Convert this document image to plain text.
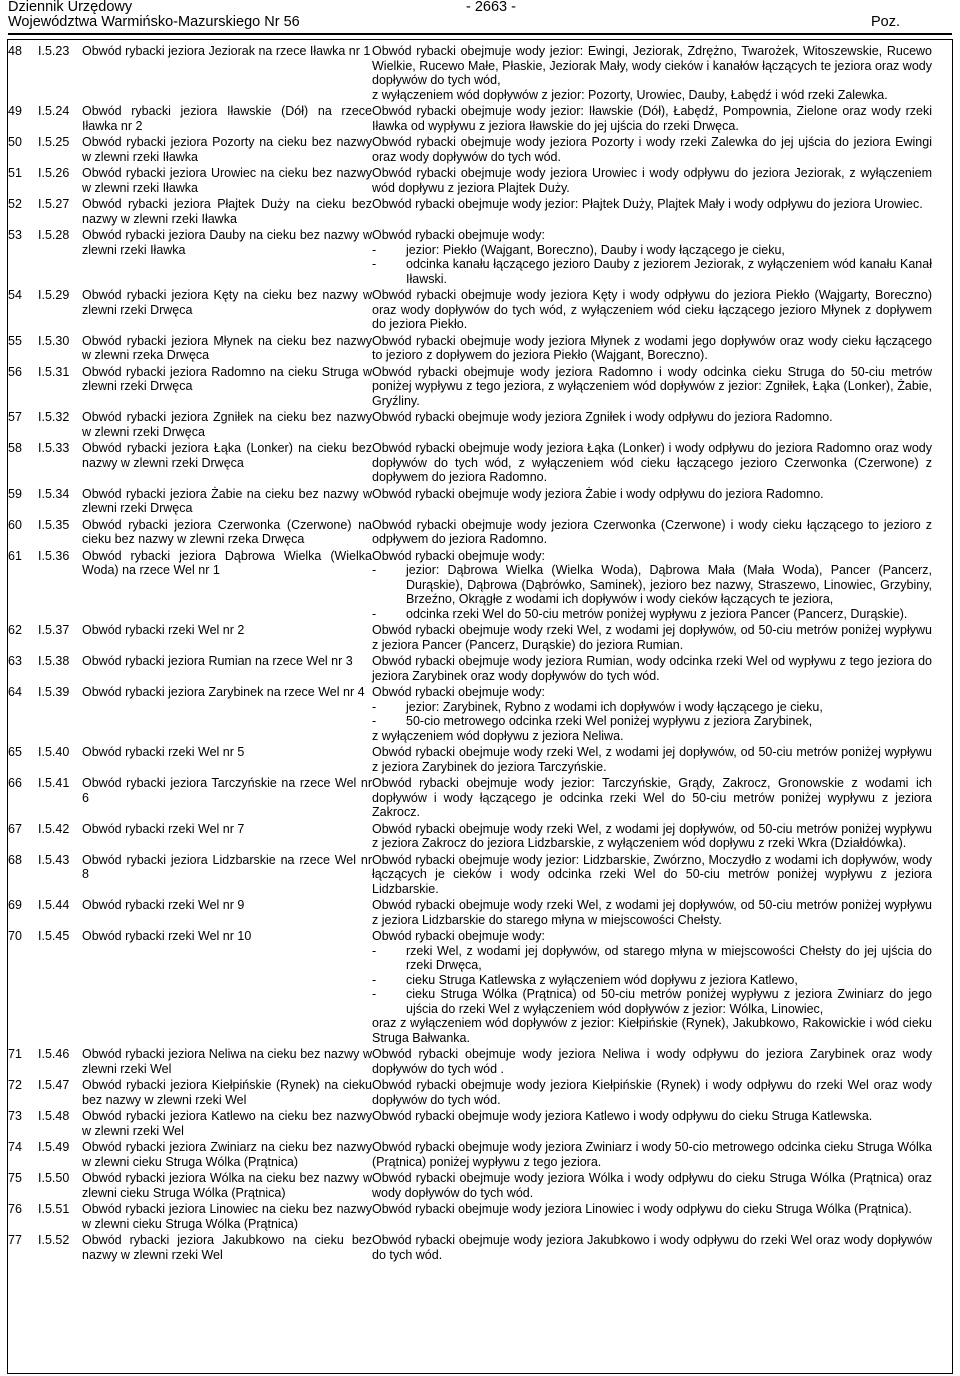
Dziennik Urzędowy	- 2663 -
Województwa Warmińsko-Mazurskiego Nr 56	Poz.
48	I.5.23	Obwód rybacki jeziora Jeziorak na rzece Iławka nr 1	Obwód rybacki obejmuje wody jezior: Ewingi, Jeziorak, Zdrężno, Twarożek, Witoszewskie, Rucewo Wielkie, Rucewo Małe, Płaskie, Jeziorak Mały, wody cieków i kanałów łączących te jeziora oraz wody dopływów do tych wód,
z wyłączeniem wód dopływów z jezior: Pozorty, Urowiec, Dauby, Łabędź i wód rzeki Zalewka.

49	I.5.24	Obwód rybacki jeziora Iławskie (Dół) na rzece Iławka nr 2	Obwód rybacki obejmuje wody jezior: Iławskie (Dół), Łabędź, Pompownia, Zielone oraz wody rzeki Iławka od wypływu z jeziora Iławskie do jej ujścia do rzeki Drwęca.

50	I.5.25	Obwód rybacki jeziora Pozorty na cieku bez nazwy w zlewni rzeki Iławka	Obwód rybacki obejmuje wody jeziora Pozorty i wody rzeki Zalewka do jej ujścia do jeziora Ewingi oraz wody dopływów do tych wód.

51	I.5.26	Obwód rybacki jeziora Urowiec na cieku bez nazwy w zlewni rzeki Iławka	Obwód rybacki obejmuje wody jeziora Urowiec i wody odpływu do jeziora Jeziorak, z wyłączeniem wód dopływu z jeziora Plajtek Duży.

52	I.5.27	Obwód rybacki jeziora Płajtek Duży na cieku bez nazwy w zlewni rzeki Iławka	Obwód rybacki obejmuje wody jezior: Płajtek Duży, Plajtek Mały i wody odpływu do jeziora Urowiec.

53	I.5.28	Obwód rybacki jeziora Dauby na cieku bez nazwy w zlewni rzeki Iławka	Obwód rybacki obejmuje wody:
- jezior: Piekło (Wajgant, Boreczno), Dauby i wody łączącego je cieku,
- odcinka kanału łączącego jezioro Dauby z jeziorem Jeziorak, z wyłączeniem wód kanału Kanał Iławski.

54	I.5.29	Obwód rybacki jeziora Kęty na cieku bez nazwy w zlewni rzeki Drwęca	Obwód rybacki obejmuje wody jeziora Kęty i wody odpływu do jeziora Piekło (Wajgarty, Boreczno) oraz wody dopływów do tych wód, z wyłączeniem wód cieku łączącego jezioro Młynek z dopływem do jeziora Piekło.

55	I.5.30	Obwód rybacki jeziora Młynek na cieku bez nazwy w zlewni rzeka Drwęca	Obwód rybacki obejmuje wody jeziora Młynek z wodami jego dopływów oraz wody cieku łączącego to jezioro z dopływem do jeziora Piekło (Wajgant, Boreczno).

56	I.5.31	Obwód rybacki jeziora Radomno na cieku Struga w zlewni rzeki Drwęca	Obwód rybacki obejmuje wody jeziora Radomno i wody odcinka cieku Struga do 50-ciu metrów poniżej wypływu z tego jeziora, z wyłączeniem wód dopływów z jezior: Zgniłek, Łąka (Lonker), Żabie, Gryźliny.

57	I.5.32	Obwód rybacki jeziora Zgniłek na cieku bez nazwy w zlewni rzeki Drwęca	Obwód rybacki obejmuje wody jeziora Zgniłek i wody odpływu do jeziora Radomno.

58	I.5.33	Obwód rybacki jeziora Łąka (Lonker) na cieku bez nazwy w zlewni rzeki Drwęca	Obwód rybacki obejmuje wody jeziora Łąka (Lonker) i wody odpływu do jeziora Radomno oraz wody dopływów do tych wód, z wyłączeniem wód cieku łączącego jezioro Czerwonka (Czerwone) z dopływem do jeziora Radomno.

59	I.5.34	Obwód rybacki jeziora Żabie na cieku bez nazwy w zlewni rzeki Drwęca	Obwód rybacki obejmuje wody jeziora Żabie i wody odpływu do jeziora Radomno.

60	I.5.35	Obwód rybacki jeziora Czerwonka (Czerwone) na cieku bez nazwy w zlewni rzeka Drwęca	Obwód rybacki obejmuje wody jeziora Czerwonka (Czerwone) i wody cieku łączącego to jezioro z odpływem do jeziora Radomno.

61	I.5.36	Obwód rybacki jeziora Dąbrowa Wielka (Wielka Woda) na rzece Wel nr 1	Obwód rybacki obejmuje wody:
- jezior: Dąbrowa Wielka (Wielka Woda), Dąbrowa Mała (Mała Woda), Pancer (Pancerz, Durąskie), Dąbrowa (Dąbrówko, Saminek), jezioro bez nazwy, Straszewo, Linowiec, Grzybiny, Brzeźno, Okrągłe z wodami ich dopływów i wody cieków łączących te jeziora,
- odcinka rzeki Wel do 50-ciu metrów poniżej wypływu z jeziora Pancer (Pancerz, Durąskie).

62	I.5.37	Obwód rybacki rzeki Wel nr 2	Obwód rybacki obejmuje wody rzeki Wel, z wodami jej dopływów, od 50-ciu metrów poniżej wypływu z jeziora Pancer (Pancerz, Durąskie) do jeziora Rumian.

63	I.5.38	Obwód rybacki jeziora Rumian na rzece Wel nr 3	Obwód rybacki obejmuje wody jeziora Rumian, wody odcinka rzeki Wel od wypływu z tego jeziora do jeziora Zarybinek oraz wody dopływów do tych wód.

64	I.5.39	Obwód rybacki jeziora Zarybinek na rzece Wel nr 4	Obwód rybacki obejmuje wody:
- jezior: Zarybinek, Rybno z wodami ich dopływów i wody łączącego je cieku,
- 50-cio metrowego odcinka rzeki Wel poniżej wypływu z jeziora Zarybinek,
z wyłączeniem wód dopływu z jeziora Neliwa.

65	I.5.40	Obwód rybacki rzeki Wel nr 5	Obwód rybacki obejmuje wody rzeki Wel, z wodami jej dopływów, od 50-ciu metrów poniżej wypływu z jeziora Zarybinek do jeziora Tarczyńskie.

66	I.5.41	Obwód rybacki jeziora Tarczyńskie na rzece Wel nr 6	Obwód rybacki obejmuje wody jezior: Tarczyńskie, Grądy, Zakrocz, Gronowskie z wodami ich dopływów i wody łączącego je odcinka rzeki Wel do 50-ciu metrów poniżej wypływu z jeziora Zakrocz.

67	I.5.42	Obwód rybacki rzeki Wel nr 7	Obwód rybacki obejmuje wody rzeki Wel, z wodami jej dopływów, od 50-ciu metrów poniżej wypływu z jeziora Zakrocz do jeziora Lidzbarskie, z wyłączeniem wód dopływu z rzeki Wkra (Działdówka).

68	I.5.43	Obwód rybacki jeziora Lidzbarskie na rzece Wel nr 8	Obwód rybacki obejmuje wody jezior: Lidzbarskie, Zwórzno, Moczydło z wodami ich dopływów, wody łączących je cieków i wody odcinka rzeki Wel do 50-ciu metrów poniżej wypływu z jeziora Lidzbarskie.

69	I.5.44	Obwód rybacki rzeki Wel nr 9	Obwód rybacki obejmuje wody rzeki Wel, z wodami jej dopływów, od 50-ciu metrów poniżej wypływu z jeziora Lidzbarskie do starego młyna w miejscowości Chełsty.

70	I.5.45	Obwód rybacki rzeki Wel nr 10	Obwód rybacki obejmuje wody:
- rzeki Wel, z wodami jej dopływów, od starego młyna w miejscowości Chełsty do jej ujścia do rzeki Drwęca,
- cieku Struga Katlewska z wyłączeniem wód dopływu z jeziora Katlewo,
- cieku Struga Wólka (Prątnica) od 50-ciu metrów poniżej wypływu z jeziora Zwiniarz do jego ujścia do rzeki Wel z wyłączeniem wód dopływów z jezior: Wólka, Linowiec,
oraz z wyłączeniem wód dopływów z jezior: Kiełpińskie (Rynek), Jakubkowo, Rakowickie i wód cieku Struga Bałwanka.

71	I.5.46	Obwód rybacki jeziora Neliwa na cieku bez nazwy w zlewni rzeki Wel	Obwód rybacki obejmuje wody jeziora Neliwa i wody odpływu do jeziora Zarybinek oraz wody dopływów do tych wód .

72	I.5.47	Obwód rybacki jeziora Kiełpińskie (Rynek) na cieku bez nazwy w zlewni rzeki Wel	Obwód rybacki obejmuje wody jeziora Kiełpińskie (Rynek) i wody odpływu do rzeki Wel oraz wody dopływów do tych wód.

73	I.5.48	Obwód rybacki jeziora Katlewo na cieku bez nazwy w zlewni rzeki Wel	Obwód rybacki obejmuje wody jeziora Katlewo i wody odpływu do cieku Struga Katlewska.

74	I.5.49	Obwód rybacki jeziora Zwiniarz na cieku bez nazwy w zlewni cieku Struga Wólka (Prątnica)	Obwód rybacki obejmuje wody jeziora Zwiniarz i wody 50-cio metrowego odcinka cieku Struga Wólka (Prątnica) poniżej wypływu z tego jeziora.

75	I.5.50	Obwód rybacki jeziora Wólka na cieku bez nazwy w zlewni cieku Struga Wólka (Prątnica)	Obwód rybacki obejmuje wody jeziora Wólka i wody odpływu do cieku Struga Wólka (Prątnica) oraz wody dopływów do tych wód.

76	I.5.51	Obwód rybacki jeziora Linowiec na cieku bez nazwy w zlewni cieku Struga Wólka (Prątnica)	Obwód rybacki obejmuje wody jeziora Linowiec i wody odpływu do cieku Struga Wólka (Prątnica).

77	I.5.52	Obwód rybacki jeziora Jakubkowo na cieku bez nazwy w zlewni rzeki Wel	Obwód rybacki obejmuje wody jeziora Jakubkowo i wody odpływu do rzeki Wel oraz wody dopływów do tych wód.
